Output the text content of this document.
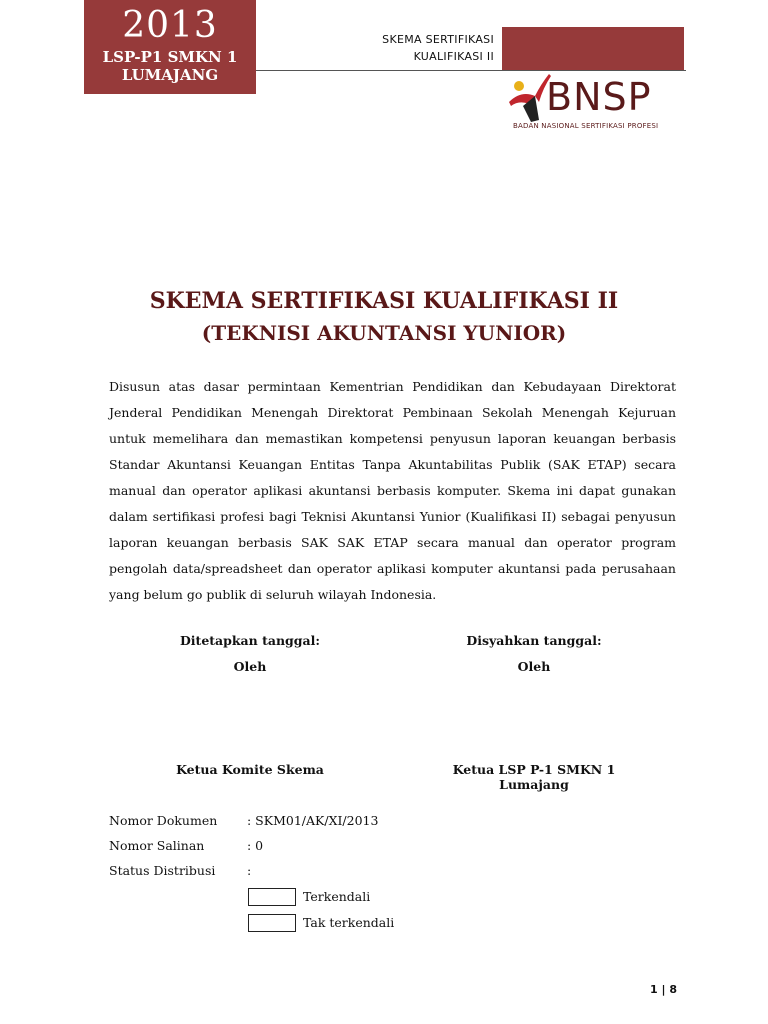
2013
LSP-P1 SMKN 1
LUMAJANG
SKEMA SERTIFIKASI
KUALIFIKASI II
BNSP
BADAN NASIONAL SERTIFIKASI PROFESI
SKEMA SERTIFIKASI KUALIFIKASI II
(TEKNISI AKUNTANSI YUNIOR)
Disusun atas dasar permintaan Kementrian Pendidikan dan Kebudayaan Direktorat Jenderal Pendidikan Menengah Direktorat Pembinaan Sekolah Menengah Kejuruan untuk memelihara dan memastikan kompetensi penyusun laporan keuangan berbasis Standar Akuntansi Keuangan Entitas Tanpa Akuntabilitas Publik (SAK ETAP) secara manual dan operator aplikasi akuntansi berbasis komputer. Skema ini dapat gunakan dalam sertifikasi profesi bagi Teknisi Akuntansi Yunior (Kualifikasi II) sebagai penyusun laporan keuangan berbasis SAK SAK ETAP secara manual dan operator program pengolah data/spreadsheet dan operator aplikasi komputer akuntansi pada perusahaan yang belum go publik di seluruh wilayah Indonesia.
Ditetapkan tanggal:
Oleh
Ketua Komite Skema
Disyahkan tanggal:
Oleh
Ketua LSP P-1 SMKN 1 Lumajang
Nomor Dokumen : SKM01/AK/XI/2013
Nomor Salinan	: 0
Status Distribusi	:
Terkendali
Tak terkendali
1 | 8
